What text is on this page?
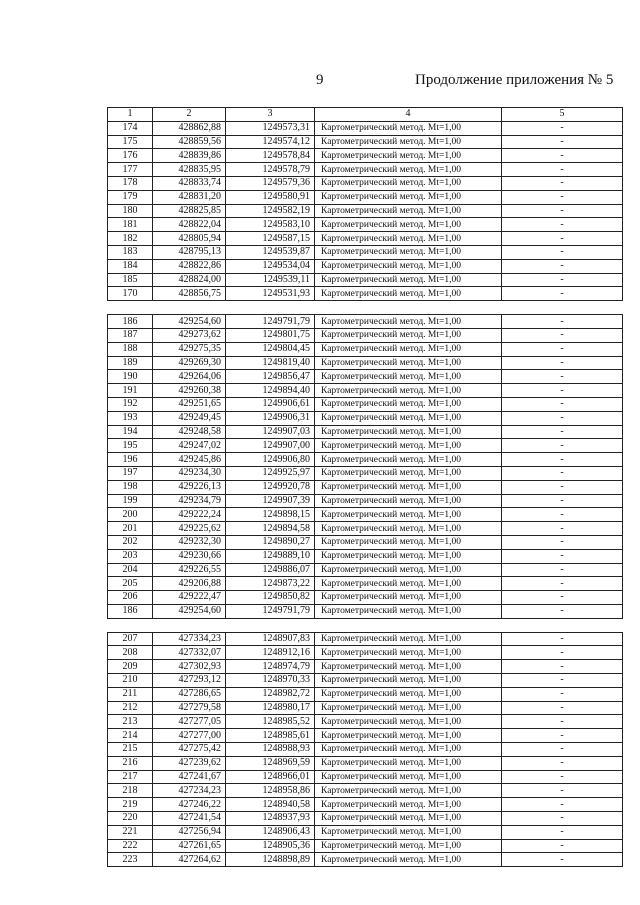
9	Продолжение приложения № 5
1	2	3	4	5
174	428862,88	1249573,31	Картометрический метод. Mt=1,00	-
175	428859,56	1249574,12	Картометрический метод. Mt=1,00	-
176	428839,86	1249578,84	Картометрический метод. Mt=1,00	-
177	428835,95	1249578,79	Картометрический метод. Mt=1,00	-
178	428833,74	1249579,36	Картометрический метод. Mt=1,00	-
179	428831,20	1249580,91	Картометрический метод. Mt=1,00	-
180	428825,85	1249582,19	Картометрический метод. Mt=1,00	-
181	428822,04	1249583,10	Картометрический метод. Mt=1,00	-
182	428805,94	1249587,15	Картометрический метод. Mt=1,00	-
183	428795,13	1249539,87	Картометрический метод. Mt=1,00	-
184	428822,86	1249534,04	Картометрический метод. Mt=1,00	-
185	428824,00	1249539,11	Картометрический метод. Mt=1,00	-
170	428856,75	1249531,93	Картометрический метод. Mt=1,00	-

186	429254,60	1249791,79	Картометрический метод. Mt=1,00	-
187	429273,62	1249801,75	Картометрический метод. Mt=1,00	-
188	429275,35	1249804,45	Картометрический метод. Mt=1,00	-
189	429269,30	1249819,40	Картометрический метод. Mt=1,00	-
190	429264,06	1249856,47	Картометрический метод. Mt=1,00	-
191	429260,38	1249894,40	Картометрический метод. Mt=1,00	-
192	429251,65	1249906,61	Картометрический метод. Mt=1,00	-
193	429249,45	1249906,31	Картометрический метод. Mt=1,00	-
194	429248,58	1249907,03	Картометрический метод. Mt=1,00	-
195	429247,02	1249907,00	Картометрический метод. Mt=1,00	-
196	429245,86	1249906,80	Картометрический метод. Mt=1,00	-
197	429234,30	1249925,97	Картометрический метод. Mt=1,00	-
198	429226,13	1249920,78	Картометрический метод. Mt=1,00	-
199	429234,79	1249907,39	Картометрический метод. Mt=1,00	-
200	429222,24	1249898,15	Картометрический метод. Mt=1,00	-
201	429225,62	1249894,58	Картометрический метод. Mt=1,00	-
202	429232,30	1249890,27	Картометрический метод. Mt=1,00	-
203	429230,66	1249889,10	Картометрический метод. Mt=1,00	-
204	429226,55	1249886,07	Картометрический метод. Mt=1,00	-
205	429206,88	1249873,22	Картометрический метод. Mt=1,00	-
206	429222,47	1249850,82	Картометрический метод. Mt=1,00	-
186	429254,60	1249791,79	Картометрический метод. Mt=1,00	-

207	427334,23	1248907,83	Картометрический метод. Mt=1,00	-
208	427332,07	1248912,16	Картометрический метод. Mt=1,00	-
209	427302,93	1248974,79	Картометрический метод. Mt=1,00	-
210	427293,12	1248970,33	Картометрический метод. Mt=1,00	-
211	427286,65	1248982,72	Картометрический метод. Mt=1,00	-
212	427279,58	1248980,17	Картометрический метод. Mt=1,00	-
213	427277,05	1248985,52	Картометрический метод. Mt=1,00	-
214	427277,00	1248985,61	Картометрический метод. Mt=1,00	-
215	427275,42	1248988,93	Картометрический метод. Mt=1,00	-
216	427239,62	1248969,59	Картометрический метод. Mt=1,00	-
217	427241,67	1248966,01	Картометрический метод. Mt=1,00	-
218	427234,23	1248958,86	Картометрический метод. Mt=1,00	-
219	427246,22	1248940,58	Картометрический метод. Mt=1,00	-
220	427241,54	1248937,93	Картометрический метод. Mt=1,00	-
221	427256,94	1248906,43	Картометрический метод. Mt=1,00	-
222	427261,65	1248905,36	Картометрический метод. Mt=1,00	-
223	427264,62	1248898,89	Картометрический метод. Mt=1,00	-
